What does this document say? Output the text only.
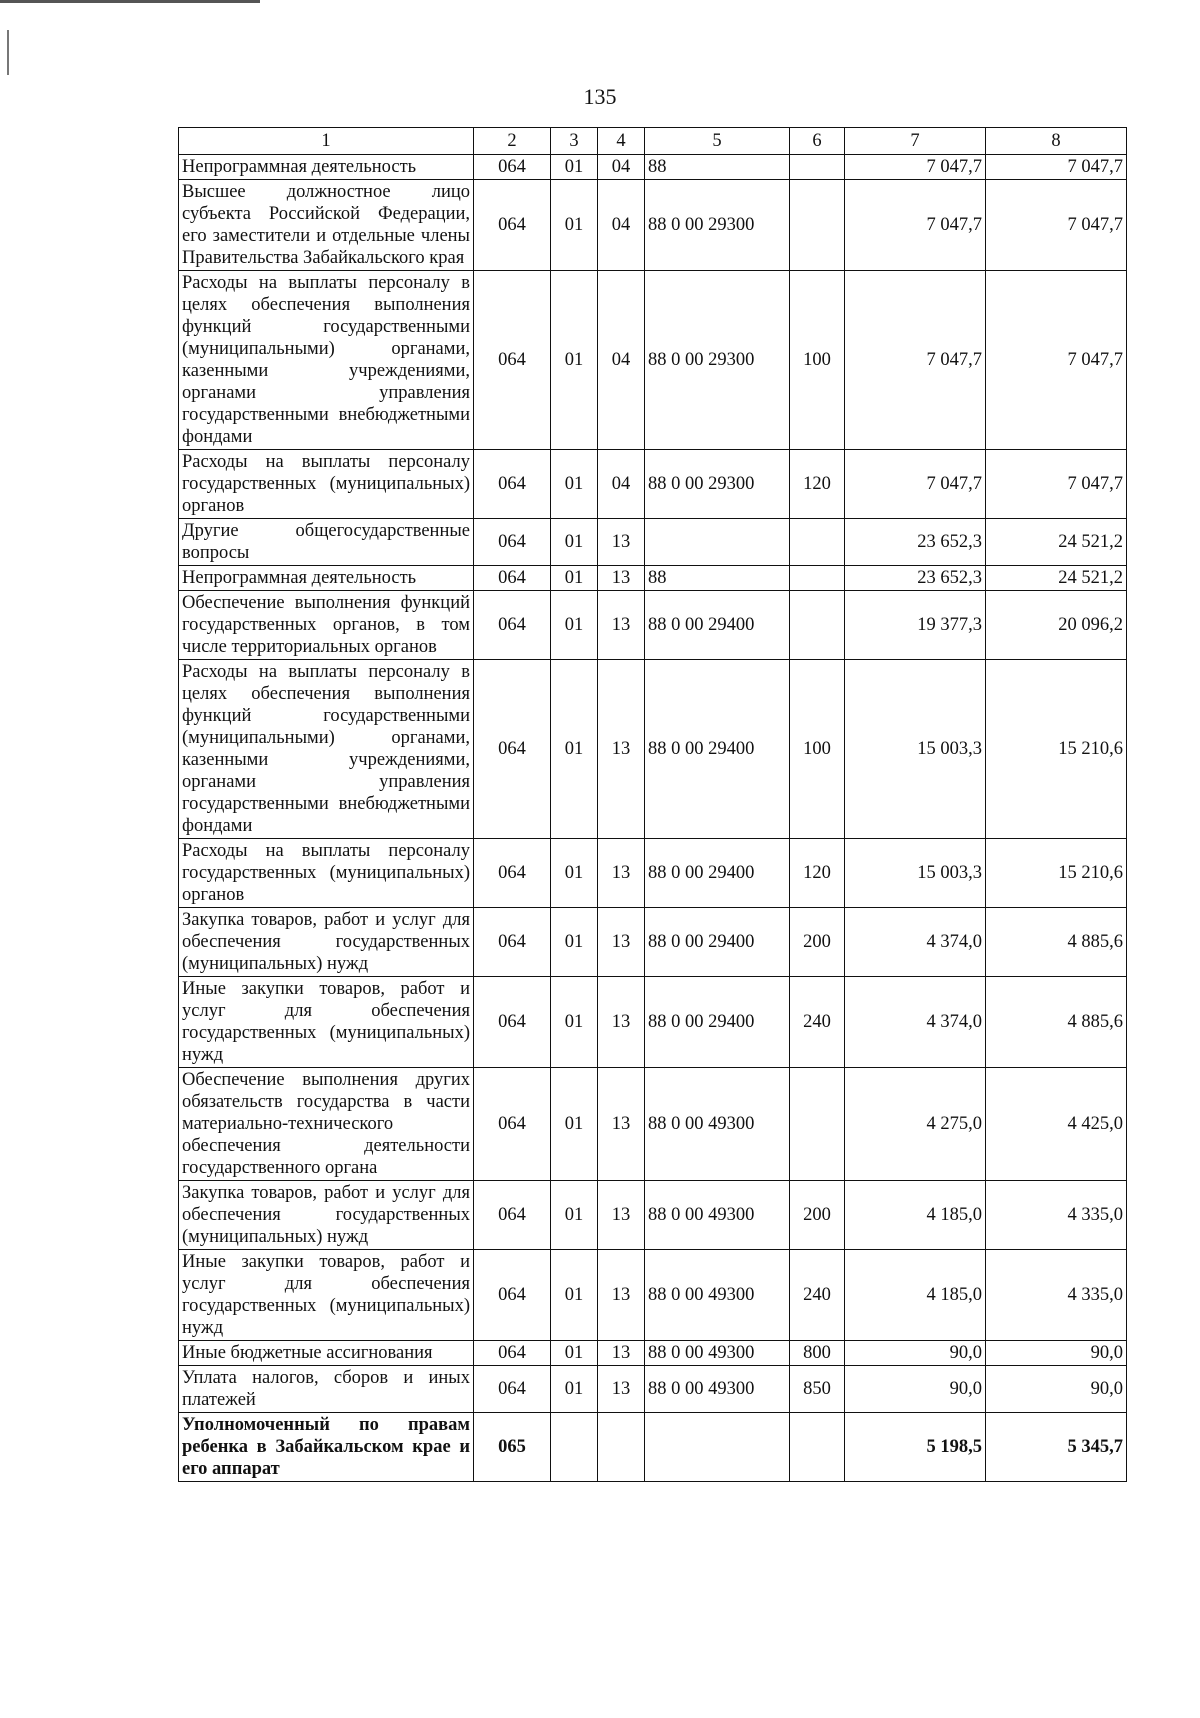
135
1	2	3	4	5	6	7	8
Непрограммная деятельность	064	01	04	88		7 047,7	7 047,7
Высшее должностное лицо субъекта Российской Федерации, его заместители и отдельные члены Правительства Забайкальского края	064	01	04	88 0 00 29300		7 047,7	7 047,7
Расходы на выплаты персоналу в целях обеспечения выполнения функций государственными (муниципальными) органами, казенными учреждениями, органами управления государственными внебюджетными фондами	064	01	04	88 0 00 29300	100	7 047,7	7 047,7
Расходы на выплаты персоналу государственных (муниципальных) органов	064	01	04	88 0 00 29300	120	7 047,7	7 047,7
Другие общегосударственные вопросы	064	01	13			23 652,3	24 521,2
Непрограммная деятельность	064	01	13	88		23 652,3	24 521,2
Обеспечение выполнения функций государственных органов, в том числе территориальных органов	064	01	13	88 0 00 29400		19 377,3	20 096,2
Расходы на выплаты персоналу в целях обеспечения выполнения функций государственными (муниципальными) органами, казенными учреждениями, органами управления государственными внебюджетными фондами	064	01	13	88 0 00 29400	100	15 003,3	15 210,6
Расходы на выплаты персоналу государственных (муниципальных) органов	064	01	13	88 0 00 29400	120	15 003,3	15 210,6
Закупка товаров, работ и услуг для обеспечения государственных (муниципальных) нужд	064	01	13	88 0 00 29400	200	4 374,0	4 885,6
Иные закупки товаров, работ и услуг для обеспечения государственных (муниципальных) нужд	064	01	13	88 0 00 29400	240	4 374,0	4 885,6
Обеспечение выполнения других обязательств государства в части материально-технического обеспечения деятельности государственного органа	064	01	13	88 0 00 49300		4 275,0	4 425,0
Закупка товаров, работ и услуг для обеспечения государственных (муниципальных) нужд	064	01	13	88 0 00 49300	200	4 185,0	4 335,0
Иные закупки товаров, работ и услуг для обеспечения государственных (муниципальных) нужд	064	01	13	88 0 00 49300	240	4 185,0	4 335,0
Иные бюджетные ассигнования	064	01	13	88 0 00 49300	800	90,0	90,0
Уплата налогов, сборов и иных платежей	064	01	13	88 0 00 49300	850	90,0	90,0
Уполномоченный по правам ребенка в Забайкальском крае и его аппарат	065					5 198,5	5 345,7
